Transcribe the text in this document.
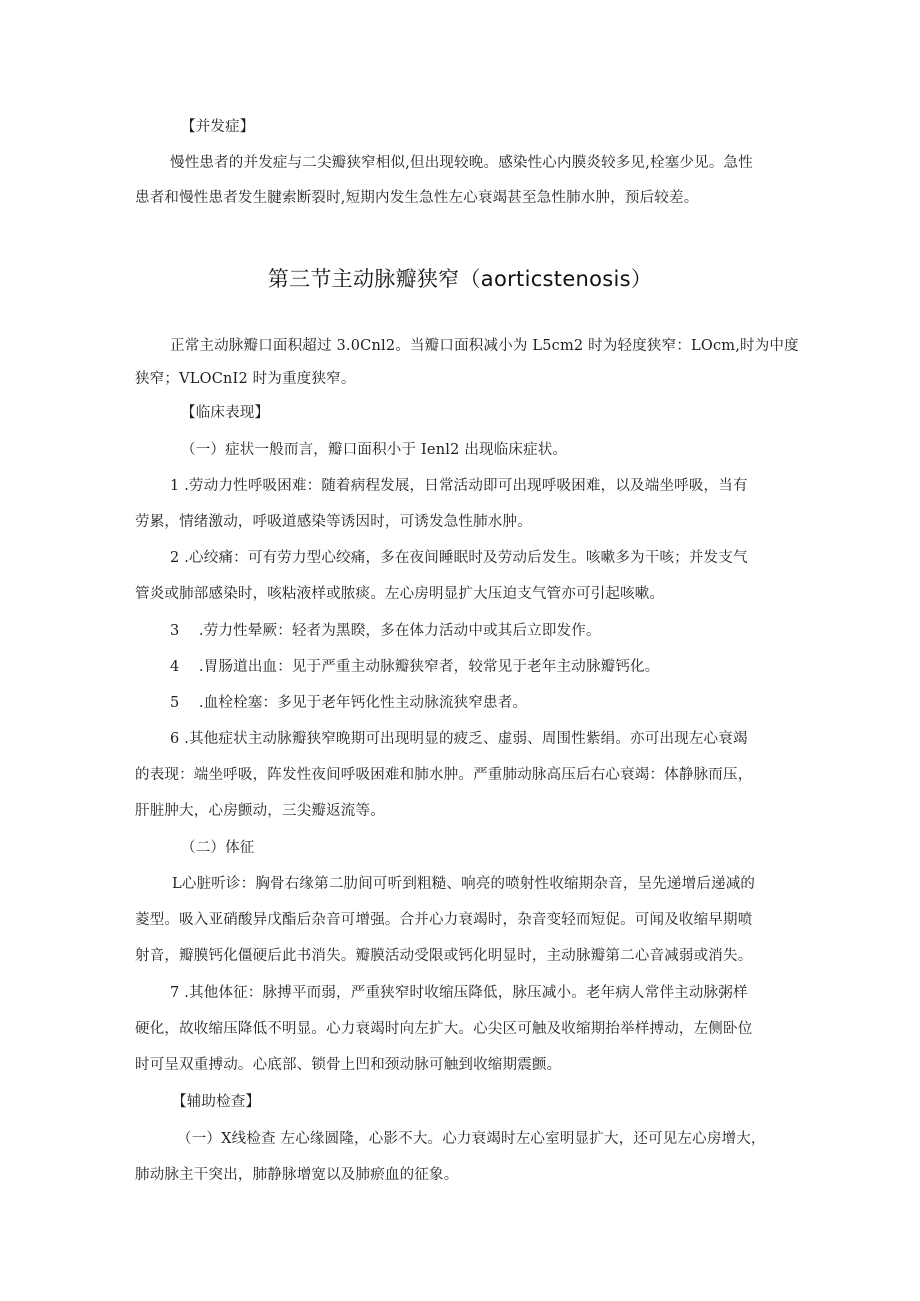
【并发症】
慢性患者的并发症与二尖瓣狭窄相似,但出现较晚。感染性心内膜炎较多见,栓塞少见。急性
患者和慢性患者发生腱索断裂时,短期内发生急性左心衰竭甚至急性肺水肿，预后较差。
第三节主动脉瓣狭窄（aorticstenosis）
正常主动脉瓣口面积超过 3.0Cnl2。当瓣口面积减小为 L5cm2 时为轻度狭窄：LOcm,时为中度
狭窄；VLOCnI2 时为重度狭窄。
【临床表现】
（一）症状一般而言，瓣口面积小于 Ienl2 出现临床症状。
1 .劳动力性呼吸困难：随着病程发展，日常活动即可出现呼吸困难，以及端坐呼吸，当有
劳累，情绪激动，呼吸道感染等诱因时，可诱发急性肺水肿。
2 .心绞痛：可有劳力型心绞痛，多在夜间睡眠时及劳动后发生。咳嗽多为干咳；并发支气
管炎或肺部感染时，咳粘液样或脓痰。左心房明显扩大压迫支气管亦可引起咳嗽。
3 　.劳力性晕厥：轻者为黑睽，多在体力活动中或其后立即发作。
4 　.胃肠道出血：见于严重主动脉瓣狭窄者，较常见于老年主动脉瓣钙化。
5 　.血栓栓塞：多见于老年钙化性主动脉流狭窄患者。
6 .其他症状主动脉瓣狭窄晚期可出现明显的疲乏、虚弱、周围性紫绢。亦可出现左心衰竭
的表现：端坐呼吸，阵发性夜间呼吸困难和肺水肿。严重肺动脉高压后右心衰竭：体静脉而压，
肝脏肿大，心房颤动，三尖瓣返流等。
（二）体征
L心脏听诊：胸骨右缘第二肋间可听到粗糙、响亮的喷射性收缩期杂音，呈先递增后递减的
菱型。吸入亚硝酸异戊酯后杂音可增强。合并心力衰竭时，杂音变轻而短促。可闻及收缩早期喷
射音，瓣膜钙化僵硬后此书消失。瓣膜活动受限或钙化明显时，主动脉瓣第二心音减弱或消失。
7 .其他体征：脉搏平而弱，严重狭窄时收缩压降低，脉压减小。老年病人常伴主动脉粥样
硬化，故收缩压降低不明显。心力衰竭时向左扩大。心尖区可触及收缩期抬举样搏动，左侧卧位
时可呈双重搏动。心底部、锁骨上凹和颈动脉可触到收缩期震颤。
【辅助检查】
（一）X线检查 左心缘圆隆，心影不大。心力衰竭时左心室明显扩大，还可见左心房增大，
肺动脉主干突出，肺静脉增宽以及肺瘀血的征象。
